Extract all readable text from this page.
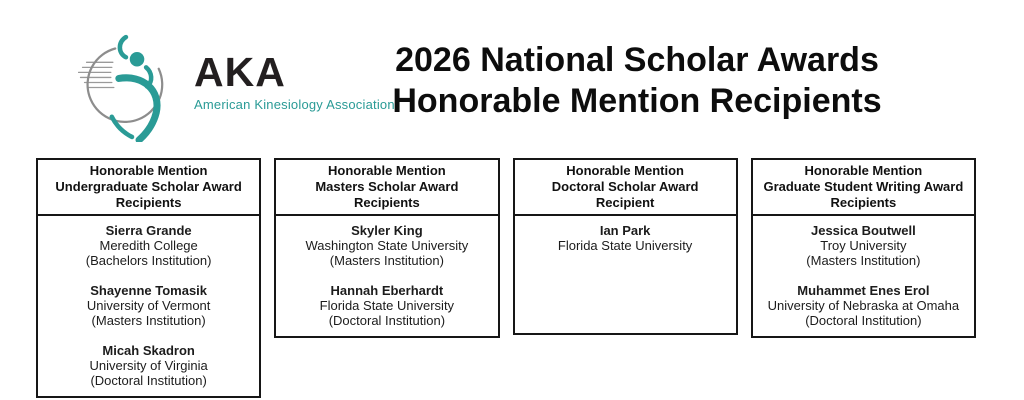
AKA
American Kinesiology Association
2026 National Scholar Awards
Honorable Mention Recipients
Honorable Mention
Undergraduate Scholar Award
Recipients
Sierra Grande
Meredith College
(Bachelors Institution)
Shayenne Tomasik
University of Vermont
(Masters Institution)
Micah Skadron
University of Virginia
(Doctoral Institution)
Honorable Mention
Masters Scholar Award
Recipients
Skyler King
Washington State University
(Masters Institution)
Hannah Eberhardt
Florida State University
(Doctoral Institution)
Honorable Mention
Doctoral Scholar Award
Recipient
Ian Park
Florida State University
Honorable Mention
Graduate Student Writing Award
Recipients
Jessica Boutwell
Troy University
(Masters Institution)
Muhammet Enes Erol
University of Nebraska at Omaha
(Doctoral Institution)
